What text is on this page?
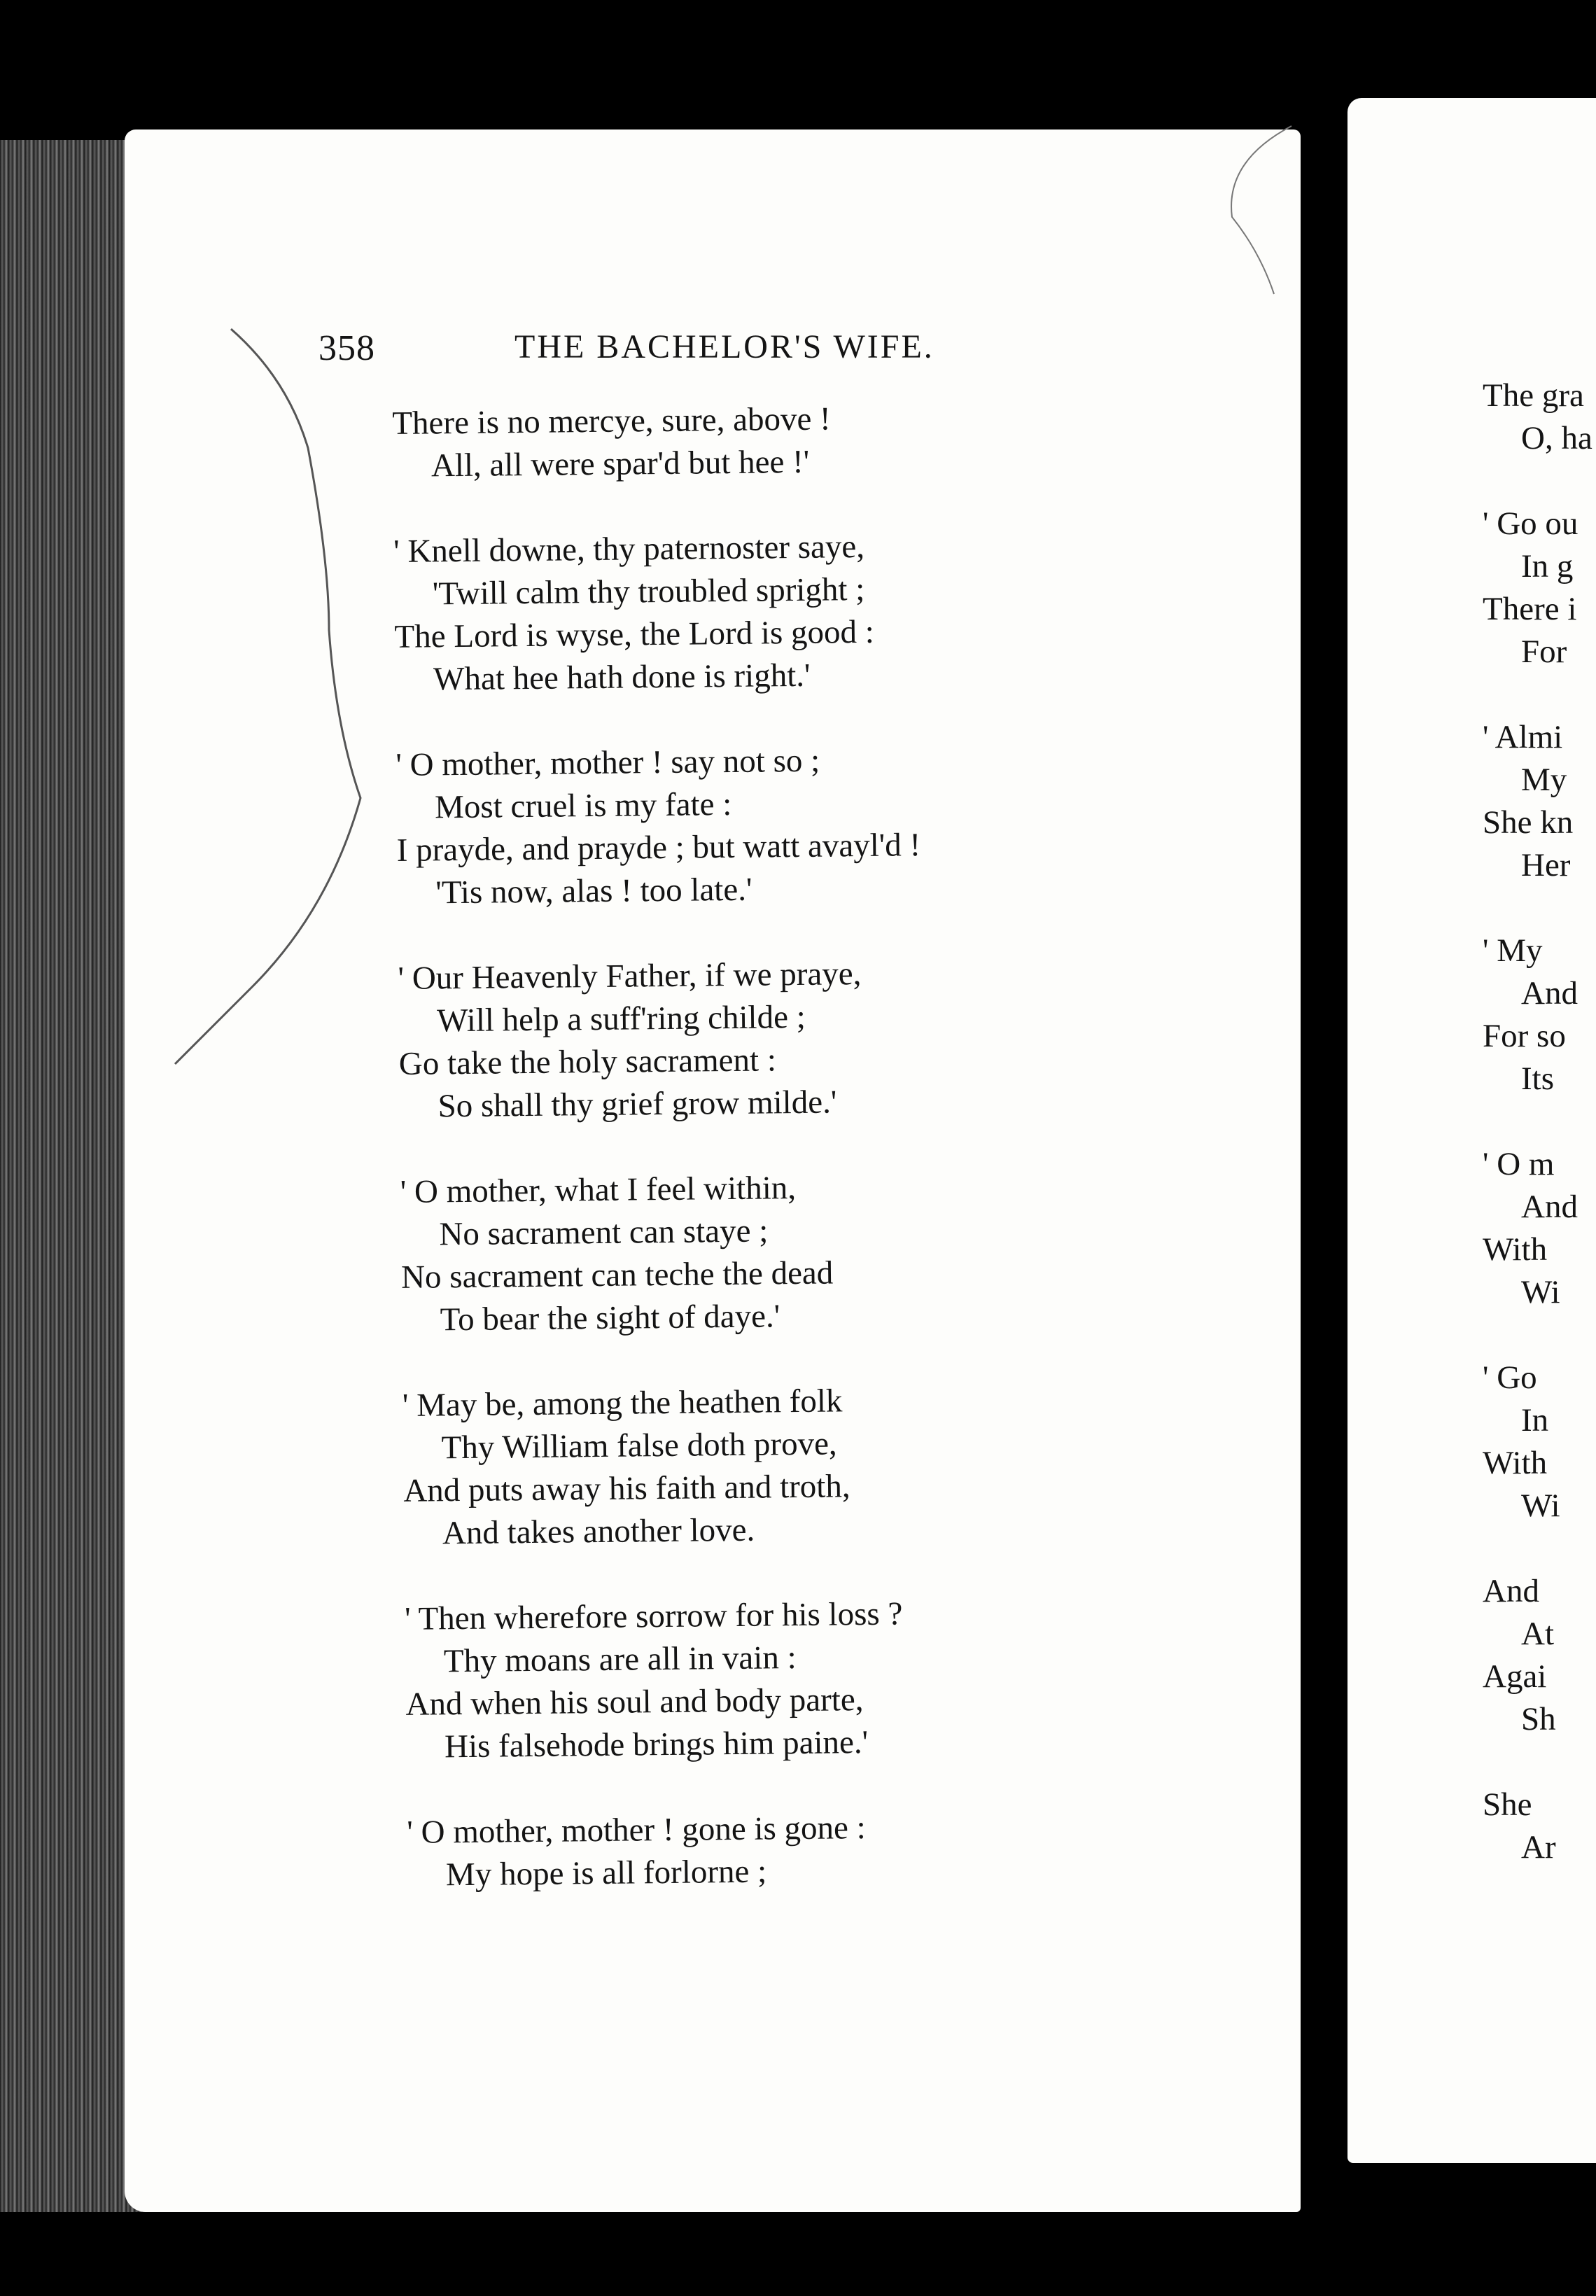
358	THE BACHELOR'S WIFE.
There is no mercye, sure, above !
All, all were spar'd but hee !'
' Knell downe, thy paternoster saye,
'Twill calm thy troubled spright ;
The Lord is wyse, the Lord is good :
What hee hath done is right.'
' O mother, mother ! say not so ;
Most cruel is my fate :
I prayde, and prayde ; but watt avayl'd !
'Tis now, alas ! too late.'
' Our Heavenly Father, if we praye,
Will help a suff'ring childe ;
Go take the holy sacrament :
So shall thy grief grow milde.'
' O mother, what I feel within,
No sacrament can staye ;
No sacrament can teche the dead
To bear the sight of daye.'
' May be, among the heathen folk
Thy William false doth prove,
And puts away his faith and troth,
And takes another love.
' Then wherefore sorrow for his loss ?
Thy moans are all in vain :
And when his soul and body parte,
His falsehode brings him paine.'
' O mother, mother ! gone is gone :
My hope is all forlorne ;
The gra
O, ha
' Go ou
In g
There i
For
' Almi
My
She kn
Her
' My
And
For so
Its
' O m
And
With
Wi
' Go
In
With
Wi
And
At
Agai
Sh
She
Ar
